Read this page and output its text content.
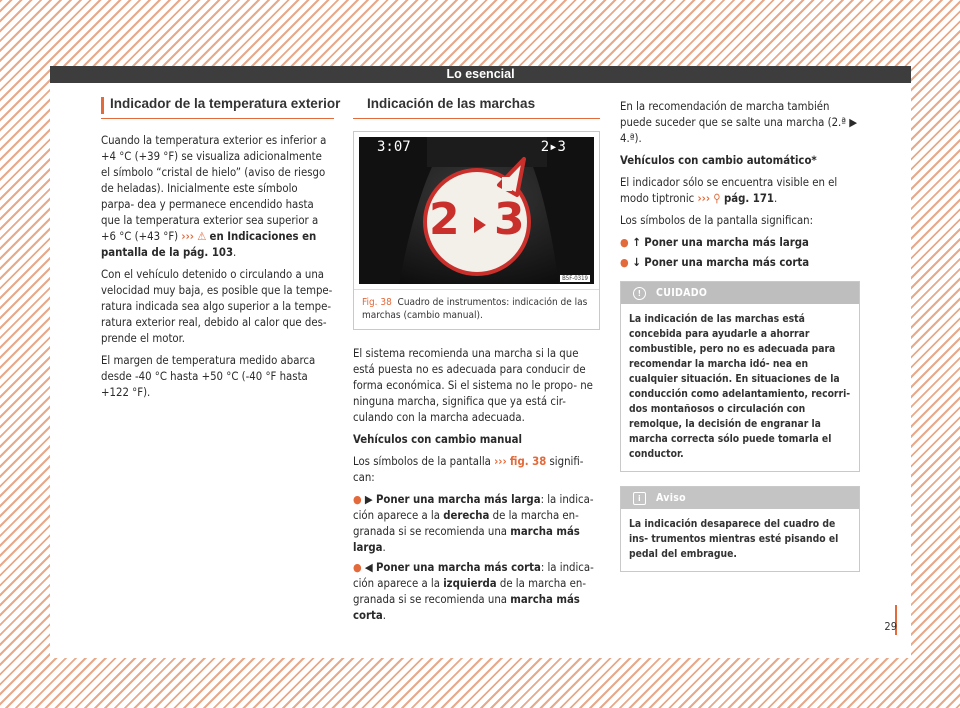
Lo esencial
Indicador de la temperatura exterior

Cuando la temperatura exterior es inferior a +4 °C (+39 °F) se visualiza adicionalmente el símbolo “cristal de hielo” (aviso de riesgo de heladas). Inicialmente este símbolo parpa- dea y permanece encendido hasta que la temperatura exterior sea superior a +6 °C (+43 °F) ››› ⚠ en Indicaciones en pantalla de la pág. 103.

Con el vehículo detenido o circulando a una velocidad muy baja, es posible que la tempe- ratura indicada sea algo superior a la tempe- ratura exterior real, debido al calor que des- prende el motor.

El margen de temperatura medido abarca desde -40 °C hasta +50 °C (-40 °F hasta +122 °F).

Indicación de las marchas
3:07	2▸3
2 3
B5F-0319
Fig. 38 Cuadro de instrumentos: indicación de las marchas (cambio manual).

El sistema recomienda una marcha si la que está puesta no es adecuada para conducir de forma económica. Si el sistema no le propo- ne ninguna marcha, significa que ya está cir- culando con la marcha adecuada.

Vehículos con cambio manual

Los símbolos de la pantalla ››› fig. 38 signifi- can:

● ▶ Poner una marcha más larga: la indica- ción aparece a la derecha de la marcha en- granada si se recomienda una marcha más larga.

● ◀ Poner una marcha más corta: la indica- ción aparece a la izquierda de la marcha en- granada si se recomienda una marcha más corta.

En la recomendación de marcha también puede suceder que se salte una marcha (2.ª ▶ 4.ª).

Vehículos con cambio automático*

El indicador sólo se encuentra visible en el modo tiptronic ››› ⚲ pág. 171.

Los símbolos de la pantalla significan:

● ↑ Poner una marcha más larga

● ↓ Poner una marcha más corta

! CUIDADO
La indicación de las marchas está concebida para ayudarle a ahorrar combustible, pero no es adecuada para recomendar la marcha idó- nea en cualquier situación. En situaciones de la conducción como adelantamiento, recorri- dos montañosos o circulación con remolque, la decisión de engranar la marcha correcta sólo puede tomarla el conductor.
i Aviso
La indicación desaparece del cuadro de ins- trumentos mientras esté pisando el pedal del embrague.
29
